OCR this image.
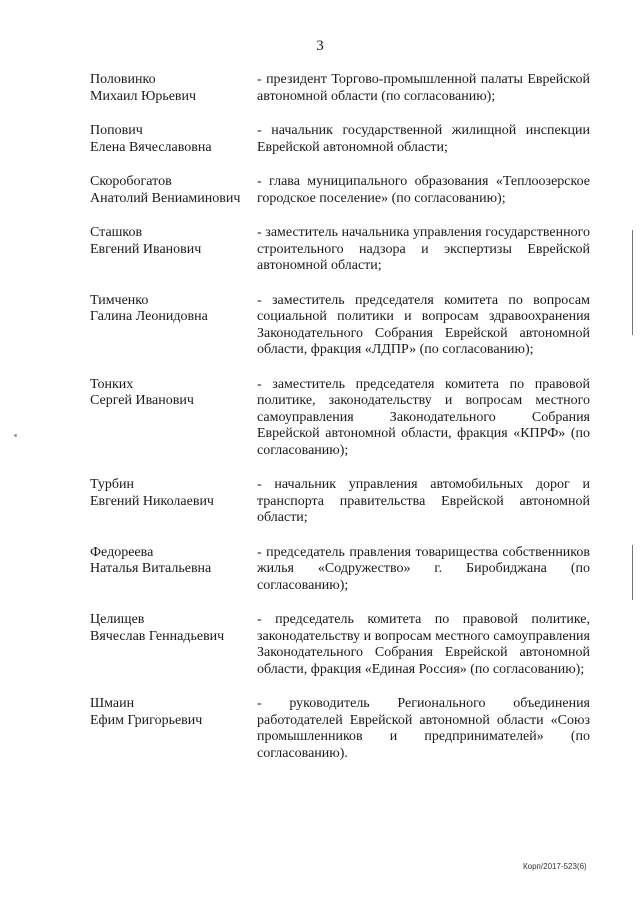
3
Половинко
Михаил Юрьевич
- президент Торгово-промышленной палаты Еврейской автономной области (по согласованию);
Попович
Елена Вячеславовна
- начальник государственной жилищной инспекции Еврейской автономной области;
Скоробогатов
Анатолий Вениаминович
- глава муниципального образования «Теплоозерское городское поселение» (по согласованию);
Сташков
Евгений Иванович
- заместитель начальника управления государственного строительного надзора и экспертизы Еврейской автономной области;
Тимченко
Галина Леонидовна
- заместитель председателя комитета по вопросам социальной политики и вопросам здравоохранения Законодательного Собрания Еврейской автономной области, фракция «ЛДПР» (по согласованию);
Тонких
Сергей Иванович
- заместитель председателя комитета по правовой политике, законодательству и вопросам местного самоуправления Законодательного Собрания Еврейской автономной области, фракция «КПРФ» (по согласованию);
Турбин
Евгений Николаевич
- начальник управления автомобильных дорог и транспорта правительства Еврейской автономной области;
Федореева
Наталья Витальевна
- председатель правления товарищества собственников жилья «Содружество» г. Биробиджана (по согласованию);
Целищев
Вячеслав Геннадьевич
- председатель комитета по правовой политике, законодательству и вопросам местного самоуправления Законодательного Собрания Еврейской автономной области, фракция «Единая Россия» (по согласованию);
Шмаин
Ефим Григорьевич
- руководитель Регионального объединения работодателей Еврейской автономной области «Союз промышленников и предпринимателей» (по согласованию).
Корп/2017-523(6)
